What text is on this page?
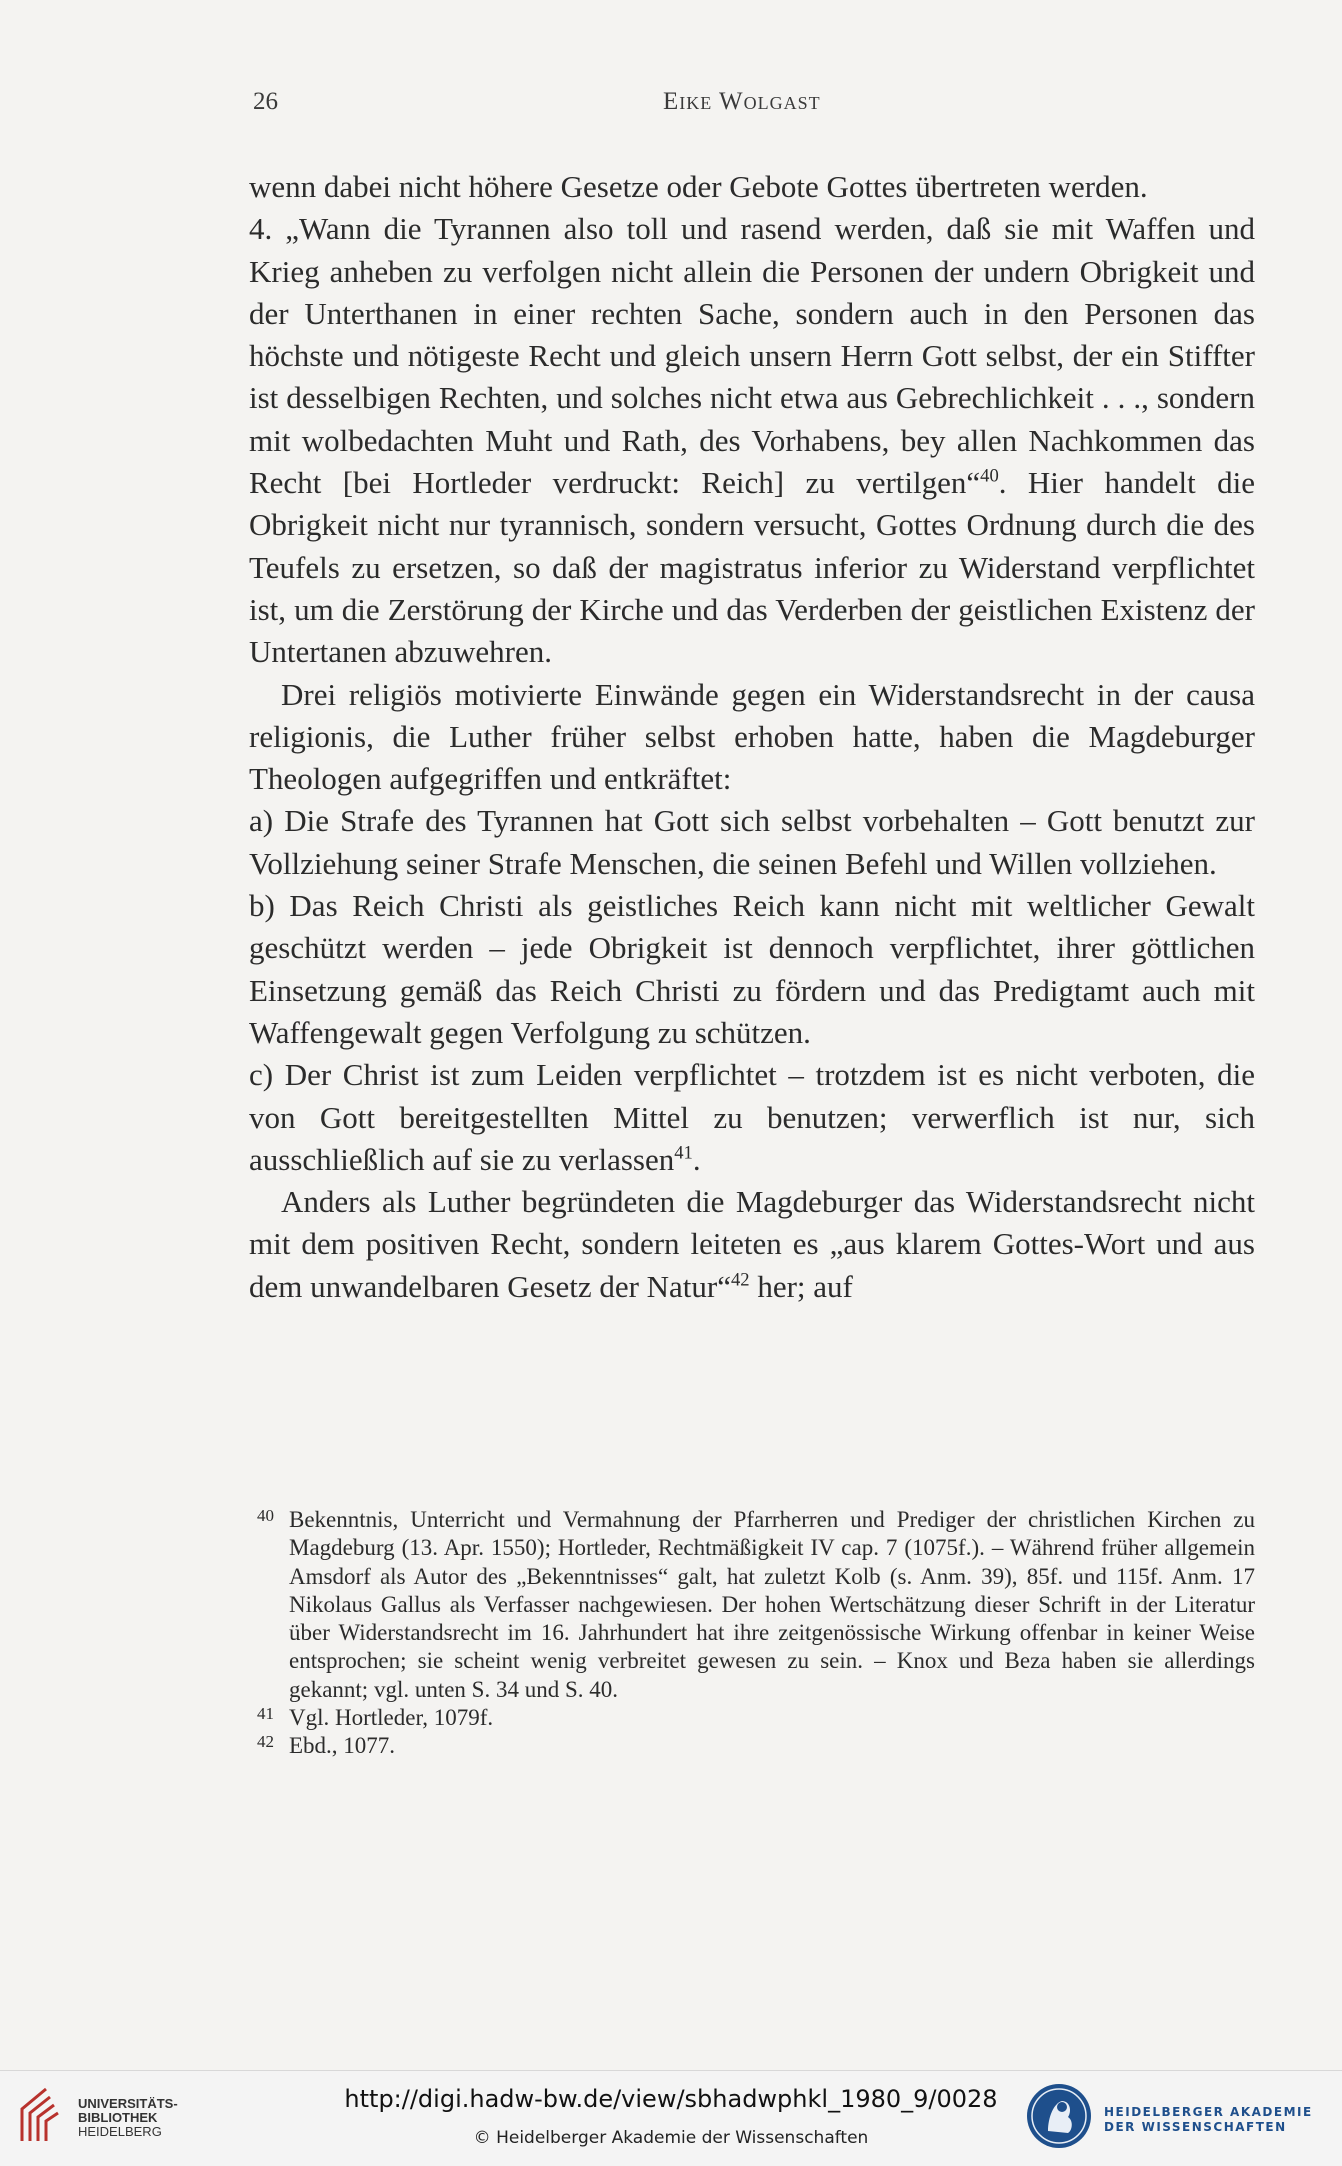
26	Eike Wolgast

wenn dabei nicht höhere Gesetze oder Gebote Gottes übertreten werden.

4. „Wann die Tyrannen also toll und rasend werden, daß sie mit Waffen und Krieg anheben zu verfolgen nicht allein die Personen der undern Obrigkeit und der Unterthanen in einer rechten Sache, sondern auch in den Personen das höchste und nötigeste Recht und gleich unsern Herrn Gott selbst, der ein Stiffter ist desselbigen Rechten, und solches nicht etwa aus Gebrechlichkeit . . ., sondern mit wolbedachten Muht und Rath, des Vorhabens, bey allen Nachkommen das Recht [bei Hortleder verdruckt: Reich] zu vertilgen“$^{40}$. Hier handelt die Obrigkeit nicht nur tyrannisch, sondern versucht, Gottes Ordnung durch die des Teufels zu ersetzen, so daß der magistratus inferior zu Widerstand verpflichtet ist, um die Zerstörung der Kirche und das Verderben der geistlichen Existenz der Untertanen abzuwehren.

Drei religiös motivierte Einwände gegen ein Widerstandsrecht in der causa religionis, die Luther früher selbst erhoben hatte, haben die Magdeburger Theologen aufgegriffen und entkräftet:

a) Die Strafe des Tyrannen hat Gott sich selbst vorbehalten – Gott benutzt zur Vollziehung seiner Strafe Menschen, die seinen Befehl und Willen vollziehen.

b) Das Reich Christi als geistliches Reich kann nicht mit weltlicher Gewalt geschützt werden – jede Obrigkeit ist dennoch verpflichtet, ihrer göttlichen Einsetzung gemäß das Reich Christi zu fördern und das Predigtamt auch mit Waffengewalt gegen Verfolgung zu schützen.

c) Der Christ ist zum Leiden verpflichtet – trotzdem ist es nicht verboten, die von Gott bereitgestellten Mittel zu benutzen; verwerflich ist nur, sich ausschließlich auf sie zu verlassen$^{41}$.

Anders als Luther begründeten die Magdeburger das Widerstandsrecht nicht mit dem positiven Recht, sondern leiteten es „aus klarem Gottes-Wort und aus dem unwandelbaren Gesetz der Natur“$^{42}$ her; auf

40 Bekenntnis, Unterricht und Vermahnung der Pfarrherren und Prediger der christlichen Kirchen zu Magdeburg (13. Apr. 1550); Hortleder, Rechtmäßigkeit IV cap. 7 (1075f.). – Während früher allgemein Amsdorf als Autor des „Bekenntnisses“ galt, hat zuletzt Kolb (s. Anm. 39), 85f. und 115f. Anm. 17 Nikolaus Gallus als Verfasser nachgewiesen. Der hohen Wertschätzung dieser Schrift in der Literatur über Widerstandsrecht im 16. Jahrhundert hat ihre zeitgenössische Wirkung offenbar in keiner Weise entsprochen; sie scheint wenig verbreitet gewesen zu sein. – Knox und Beza haben sie allerdings gekannt; vgl. unten S. 34 und S. 40.

41 Vgl. Hortleder, 1079f.

42 Ebd., 1077.

UNIVERSITÄTS-
BIBLIOTHEK
HEIDELBERG
http://digi.hadw-bw.de/view/sbhadwphkl_1980_9/0028
© Heidelberger Akademie der Wissenschaften
HEIDELBERGER AKADEMIE
DER WISSENSCHAFTEN
